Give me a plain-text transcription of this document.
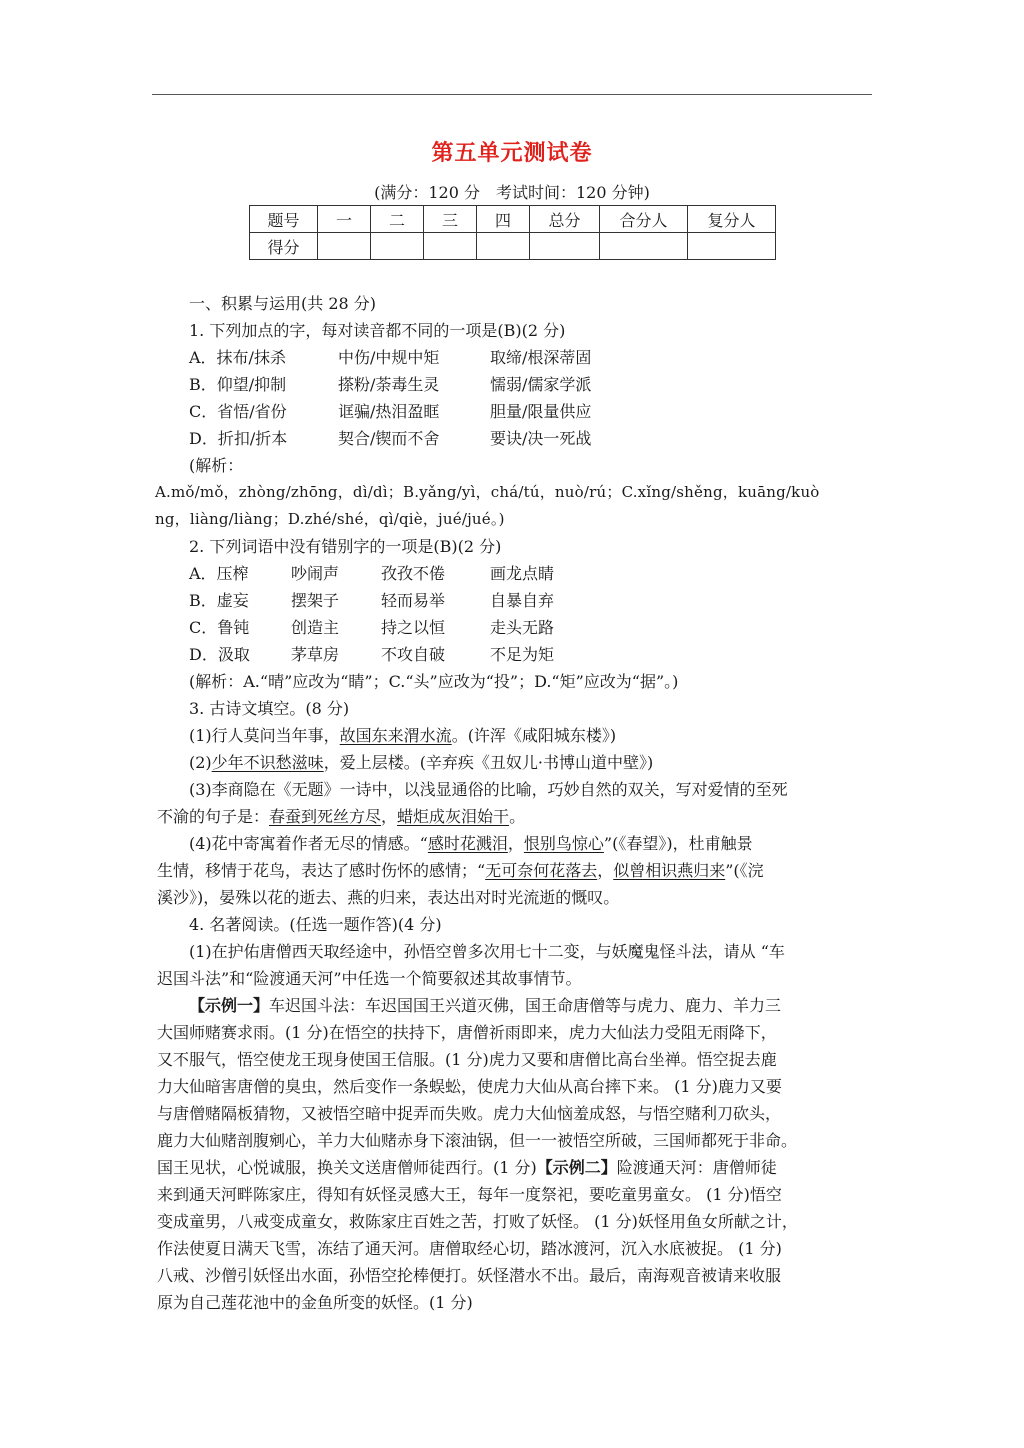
第五单元测试卷
(满分：120 分　考试时间：120 分钟)
题号	一	二	三	四	总分	合分人	复分人
得分							
一、积累与运用(共 28 分)
1. 下列加点的字，每对读音都不同的一项是(B)(2 分)
A．抹布/抹杀	中伤/中规中矩	取缔/根深蒂固
B．仰望/抑制	搽粉/荼毒生灵	懦弱/儒家学派
C．省悟/省份	诓骗/热泪盈眶	胆量/限量供应
D．折扣/折本	契合/锲而不舍	要诀/决一死战
(解析：
A.mǒ/mǒ，zhòng/zhōng，dì/dì；B.yǎng/yì，chá/tú，nuò/rú；C.xǐng/shěng，kuāng/kuò
ng，liàng/liàng；D.zhé/shé，qì/qiè，jué/jué。)
2. 下列词语中没有错别字的一项是(B)(2 分)
A．压榨	吵闹声	孜孜不倦	画龙点睛
B．虚妄	摆架子	轻而易举	自暴自弃
C．鲁钝	创造主	持之以恒	走头无路
D．汲取	茅草房	不攻自破	不足为矩
(解析：A.“晴”应改为“睛”；C.“头”应改为“投”；D.“矩”应改为“据”。)
3. 古诗文填空。(8 分)
(1)行人莫问当年事，故国东来渭水流。(许浑《咸阳城东楼》)
(2)少年不识愁滋味，爱上层楼。(辛弃疾《丑奴儿·书博山道中壁》)
(3)李商隐在《无题》一诗中，以浅显通俗的比喻，巧妙自然的双关，写对爱情的至死
不渝的句子是：春蚕到死丝方尽，蜡炬成灰泪始干。
(4)花中寄寓着作者无尽的情感。“感时花溅泪，恨别鸟惊心”(《春望》)，杜甫触景
生情，移情于花鸟，表达了感时伤怀的感情；“无可奈何花落去，似曾相识燕归来”(《浣
溪沙》)，晏殊以花的逝去、燕的归来，表达出对时光流逝的慨叹。
4. 名著阅读。(任选一题作答)(4 分)
(1)在护佑唐僧西天取经途中，孙悟空曾多次用七十二变，与妖魔鬼怪斗法，请从 “车
迟国斗法”和“险渡通天河”中任选一个简要叙述其故事情节。
【示例一】车迟国斗法：车迟国国王兴道灭佛，国王命唐僧等与虎力、鹿力、羊力三
大国师赌赛求雨。(1 分)在悟空的扶持下，唐僧祈雨即来，虎力大仙法力受阻无雨降下，
又不服气，悟空使龙王现身使国王信服。(1 分)虎力又要和唐僧比高台坐禅。悟空捉去鹿
力大仙暗害唐僧的臭虫，然后变作一条蜈蚣，使虎力大仙从高台摔下来。 (1 分)鹿力又要
与唐僧赌隔板猜物，又被悟空暗中捉弄而失败。虎力大仙恼羞成怒，与悟空赌利刀砍头，
鹿力大仙赌剖腹剜心，羊力大仙赌赤身下滚油锅，但一一被悟空所破，三国师都死于非命。
国王见状，心悦诚服，换关文送唐僧师徒西行。(1 分)【示例二】险渡通天河：唐僧师徒
来到通天河畔陈家庄，得知有妖怪灵感大王，每年一度祭祀，要吃童男童女。 (1 分)悟空
变成童男，八戒变成童女，救陈家庄百姓之苦，打败了妖怪。 (1 分)妖怪用鱼女所献之计，
作法使夏日满天飞雪，冻结了通天河。唐僧取经心切，踏冰渡河，沉入水底被捉。 (1 分)
八戒、沙僧引妖怪出水面，孙悟空抡棒便打。妖怪潜水不出。最后，南海观音被请来收服
原为自己莲花池中的金鱼所变的妖怪。(1 分)
